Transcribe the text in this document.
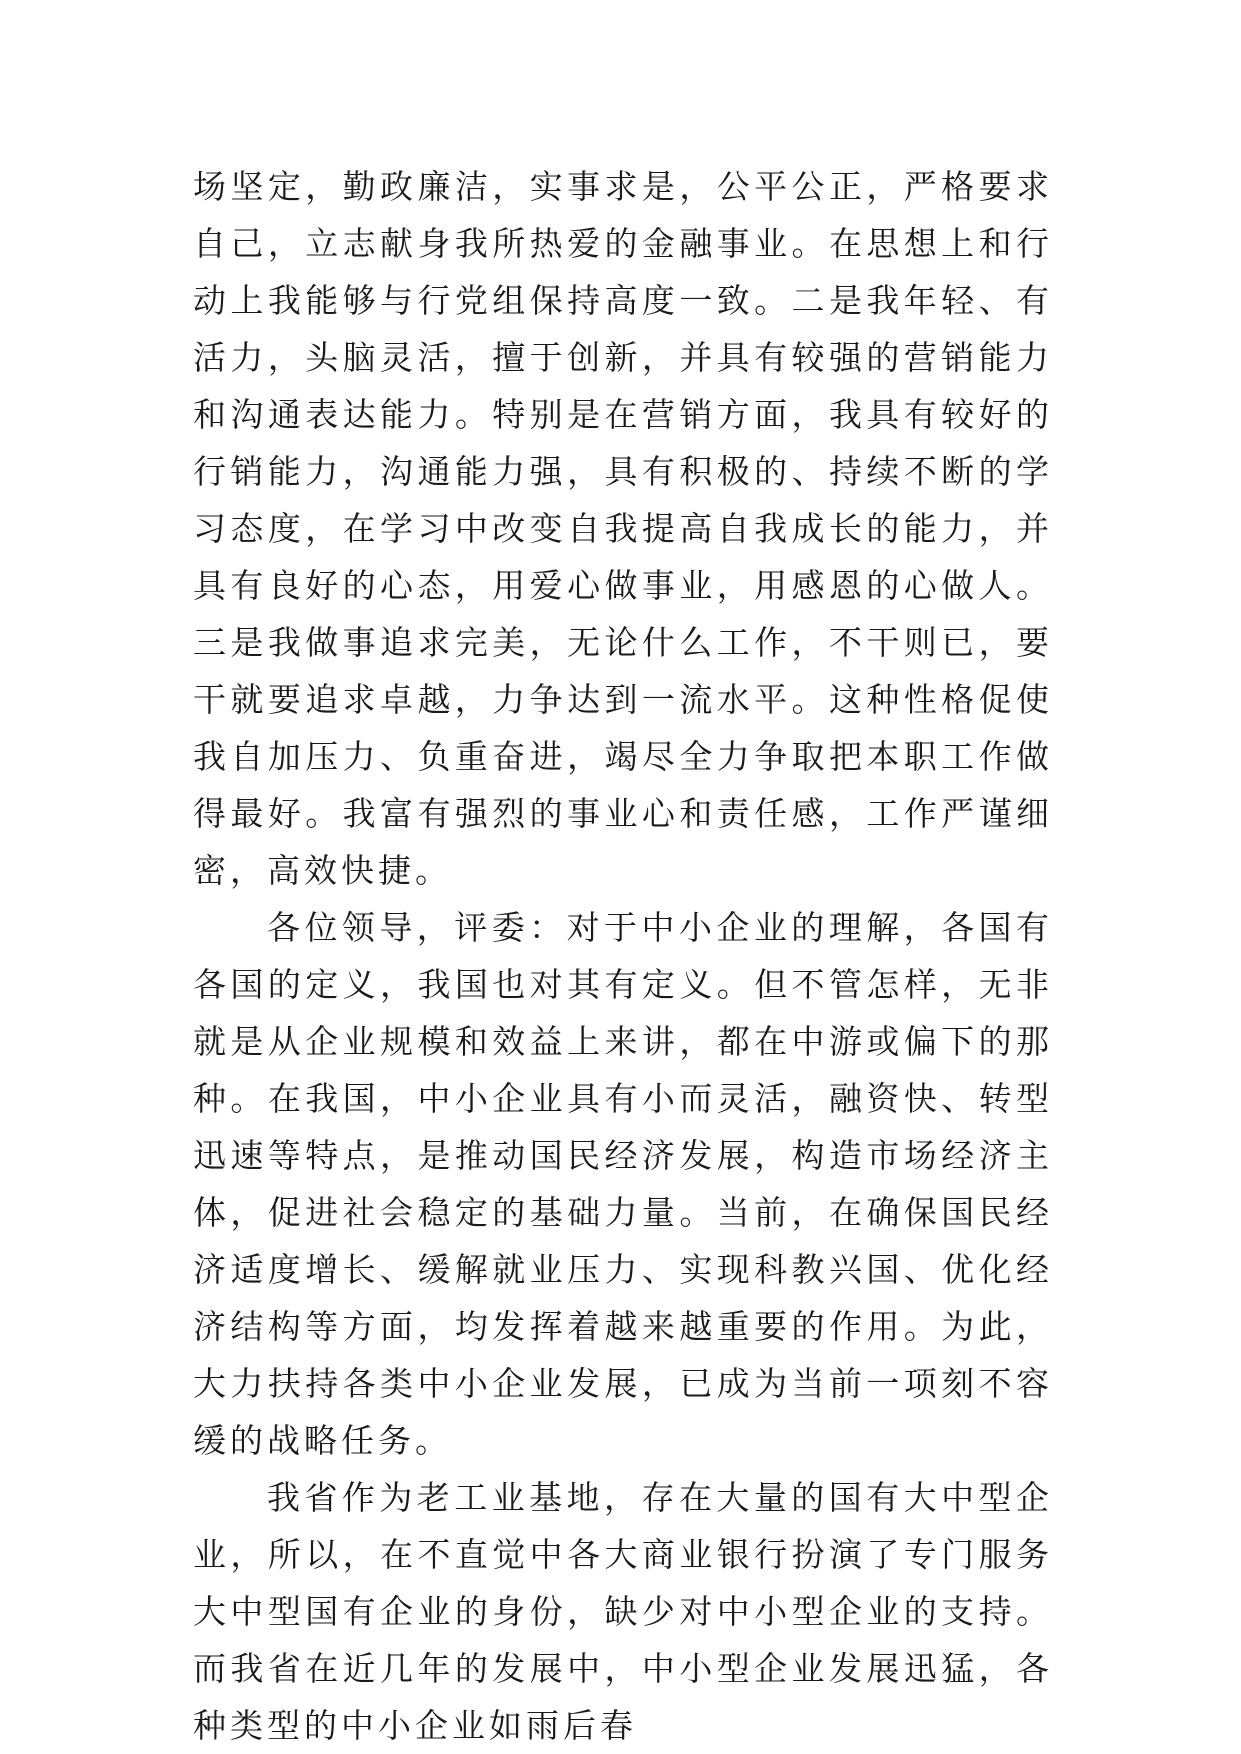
场坚定，勤政廉洁，实事求是，公平公正，严格要求自己，立志献身我所热爱的金融事业。在思想上和行动上我能够与行党组保持高度一致。二是我年轻、有活力，头脑灵活，擅于创新，并具有较强的营销能力和沟通表达能力。特别是在营销方面，我具有较好的行销能力，沟通能力强，具有积极的、持续不断的学习态度，在学习中改变自我提高自我成长的能力，并具有良好的心态，用爱心做事业，用感恩的心做人。三是我做事追求完美，无论什么工作，不干则已，要干就要追求卓越，力争达到一流水平。这种性格促使我自加压力、负重奋进，竭尽全力争取把本职工作做得最好。我富有强烈的事业心和责任感，工作严谨细密，高效快捷。

各位领导，评委：对于中小企业的理解，各国有各国的定义，我国也对其有定义。但不管怎样，无非就是从企业规模和效益上来讲，都在中游或偏下的那种。在我国，中小企业具有小而灵活，融资快、转型迅速等特点，是推动国民经济发展，构造市场经济主体，促进社会稳定的基础力量。当前，在确保国民经济适度增长、缓解就业压力、实现科教兴国、优化经济结构等方面，均发挥着越来越重要的作用。为此，大力扶持各类中小企业发展，已成为当前一项刻不容缓的战略任务。

我省作为老工业基地，存在大量的国有大中型企业，所以，在不直觉中各大商业银行扮演了专门服务大中型国有企业的身份，缺少对中小型企业的支持。而我省在近几年的发展中，中小型企业发展迅猛，各种类型的中小企业如雨后春
